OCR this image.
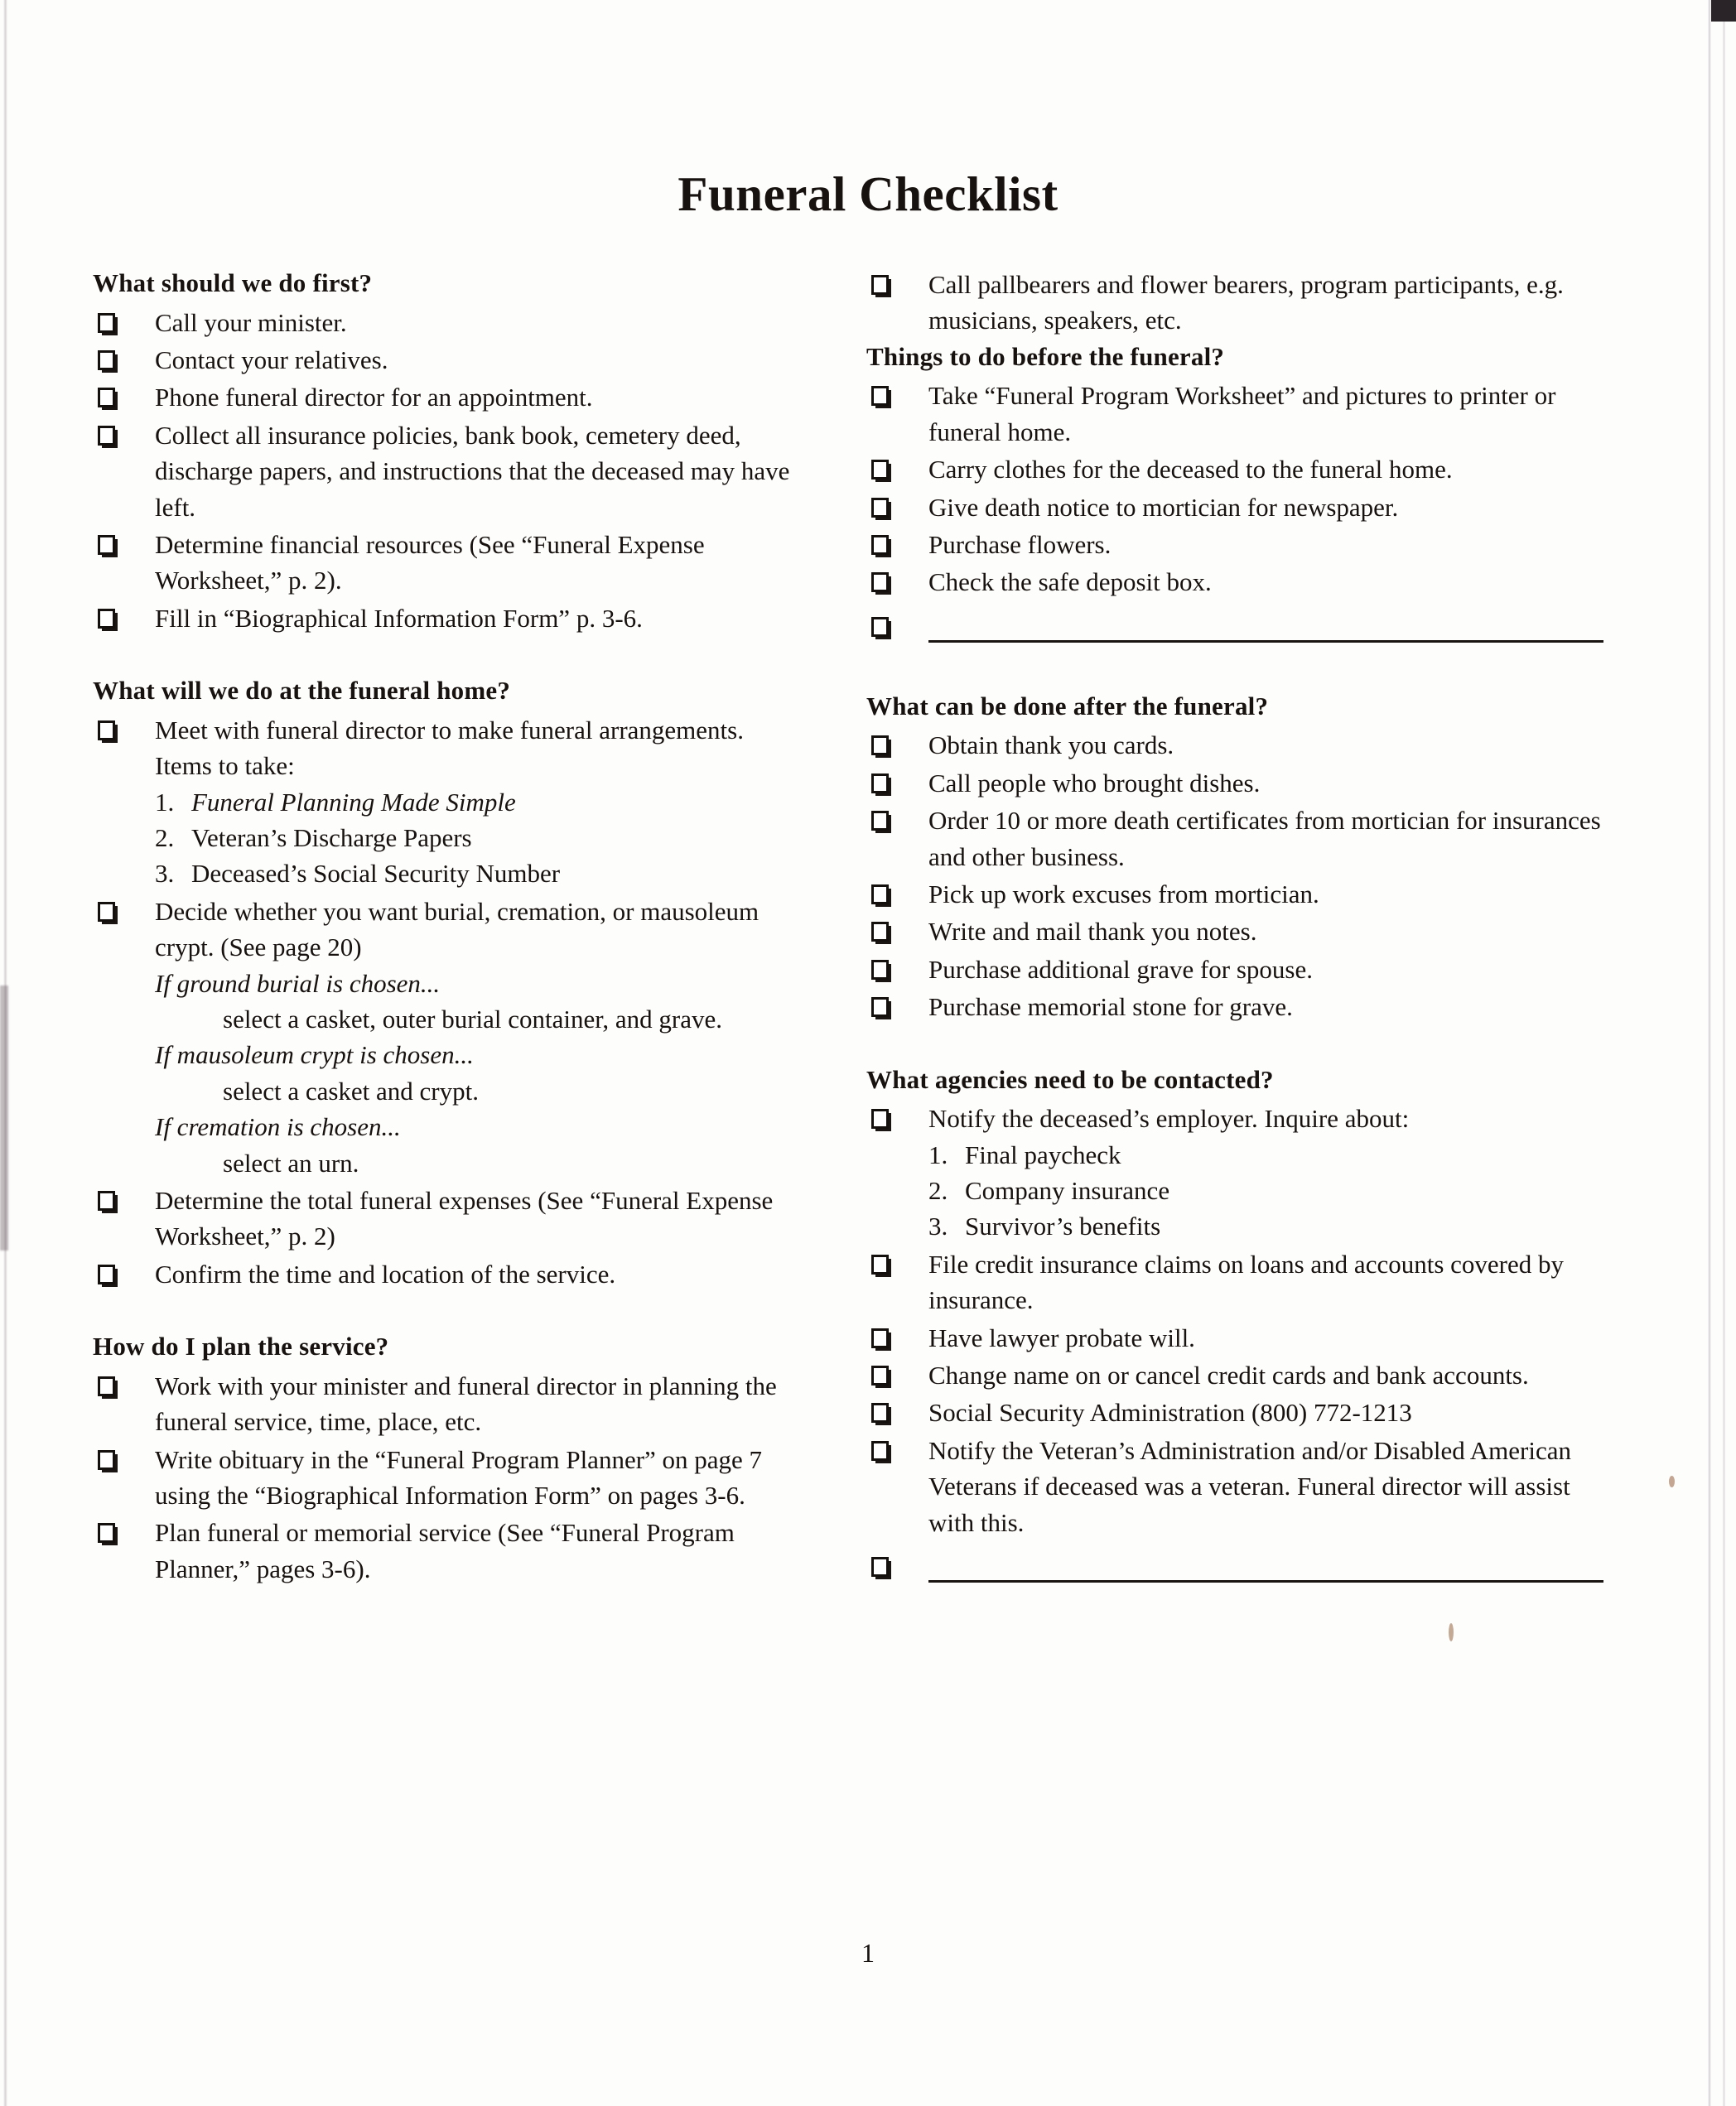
Funeral Checklist
What should we do first?
Call your minister.
Contact your relatives.
Phone funeral director for an appointment.
Collect all insurance policies, bank book, cemetery deed, discharge papers, and instructions that the deceased may have left.
Determine financial resources (See “Funeral Expense Worksheet,” p. 2).
Fill in “Biographical Information Form” p. 3-6.
What will we do at the funeral home?
Meet with funeral director to make funeral arrangements. Items to take:
1. Funeral Planning Made Simple
2. Veteran’s Discharge Papers
3. Deceased’s Social Security Number
Decide whether you want burial, cremation, or mausoleum crypt. (See page 20)
If ground burial is chosen...
select a casket, outer burial container, and grave.
If mausoleum crypt is chosen...
select a casket and crypt.
If cremation is chosen...
select an urn.
Determine the total funeral expenses (See “Funeral Expense Worksheet,” p. 2)
Confirm the time and location of the service.
How do I plan the service?
Work with your minister and funeral director in planning the funeral service, time, place, etc.
Write obituary in the “Funeral Program Planner” on page 7 using the “Biographical Information Form” on pages 3-6.
Plan funeral or memorial service (See “Funeral Program Planner,” pages 3-6).
Call pallbearers and flower bearers, program participants, e.g. musicians, speakers, etc.
Things to do before the funeral?
Take “Funeral Program Worksheet” and pictures to printer or funeral home.
Carry clothes for the deceased to the funeral home.
Give death notice to mortician for newspaper.
Purchase flowers.
Check the safe deposit box.
What can be done after the funeral?
Obtain thank you cards.
Call people who brought dishes.
Order 10 or more death certificates from mortician for insurances and other business.
Pick up work excuses from mortician.
Write and mail thank you notes.
Purchase additional grave for spouse.
Purchase memorial stone for grave.
What agencies need to be contacted?
Notify the deceased’s employer. Inquire about:
1. Final paycheck
2. Company insurance
3. Survivor’s benefits
File credit insurance claims on loans and accounts covered by insurance.
Have lawyer probate will.
Change name on or cancel credit cards and bank accounts.
Social Security Administration (800) 772-1213
Notify the Veteran’s Administration and/or Disabled American Veterans if deceased was a veteran. Funeral director will assist with this.
1
